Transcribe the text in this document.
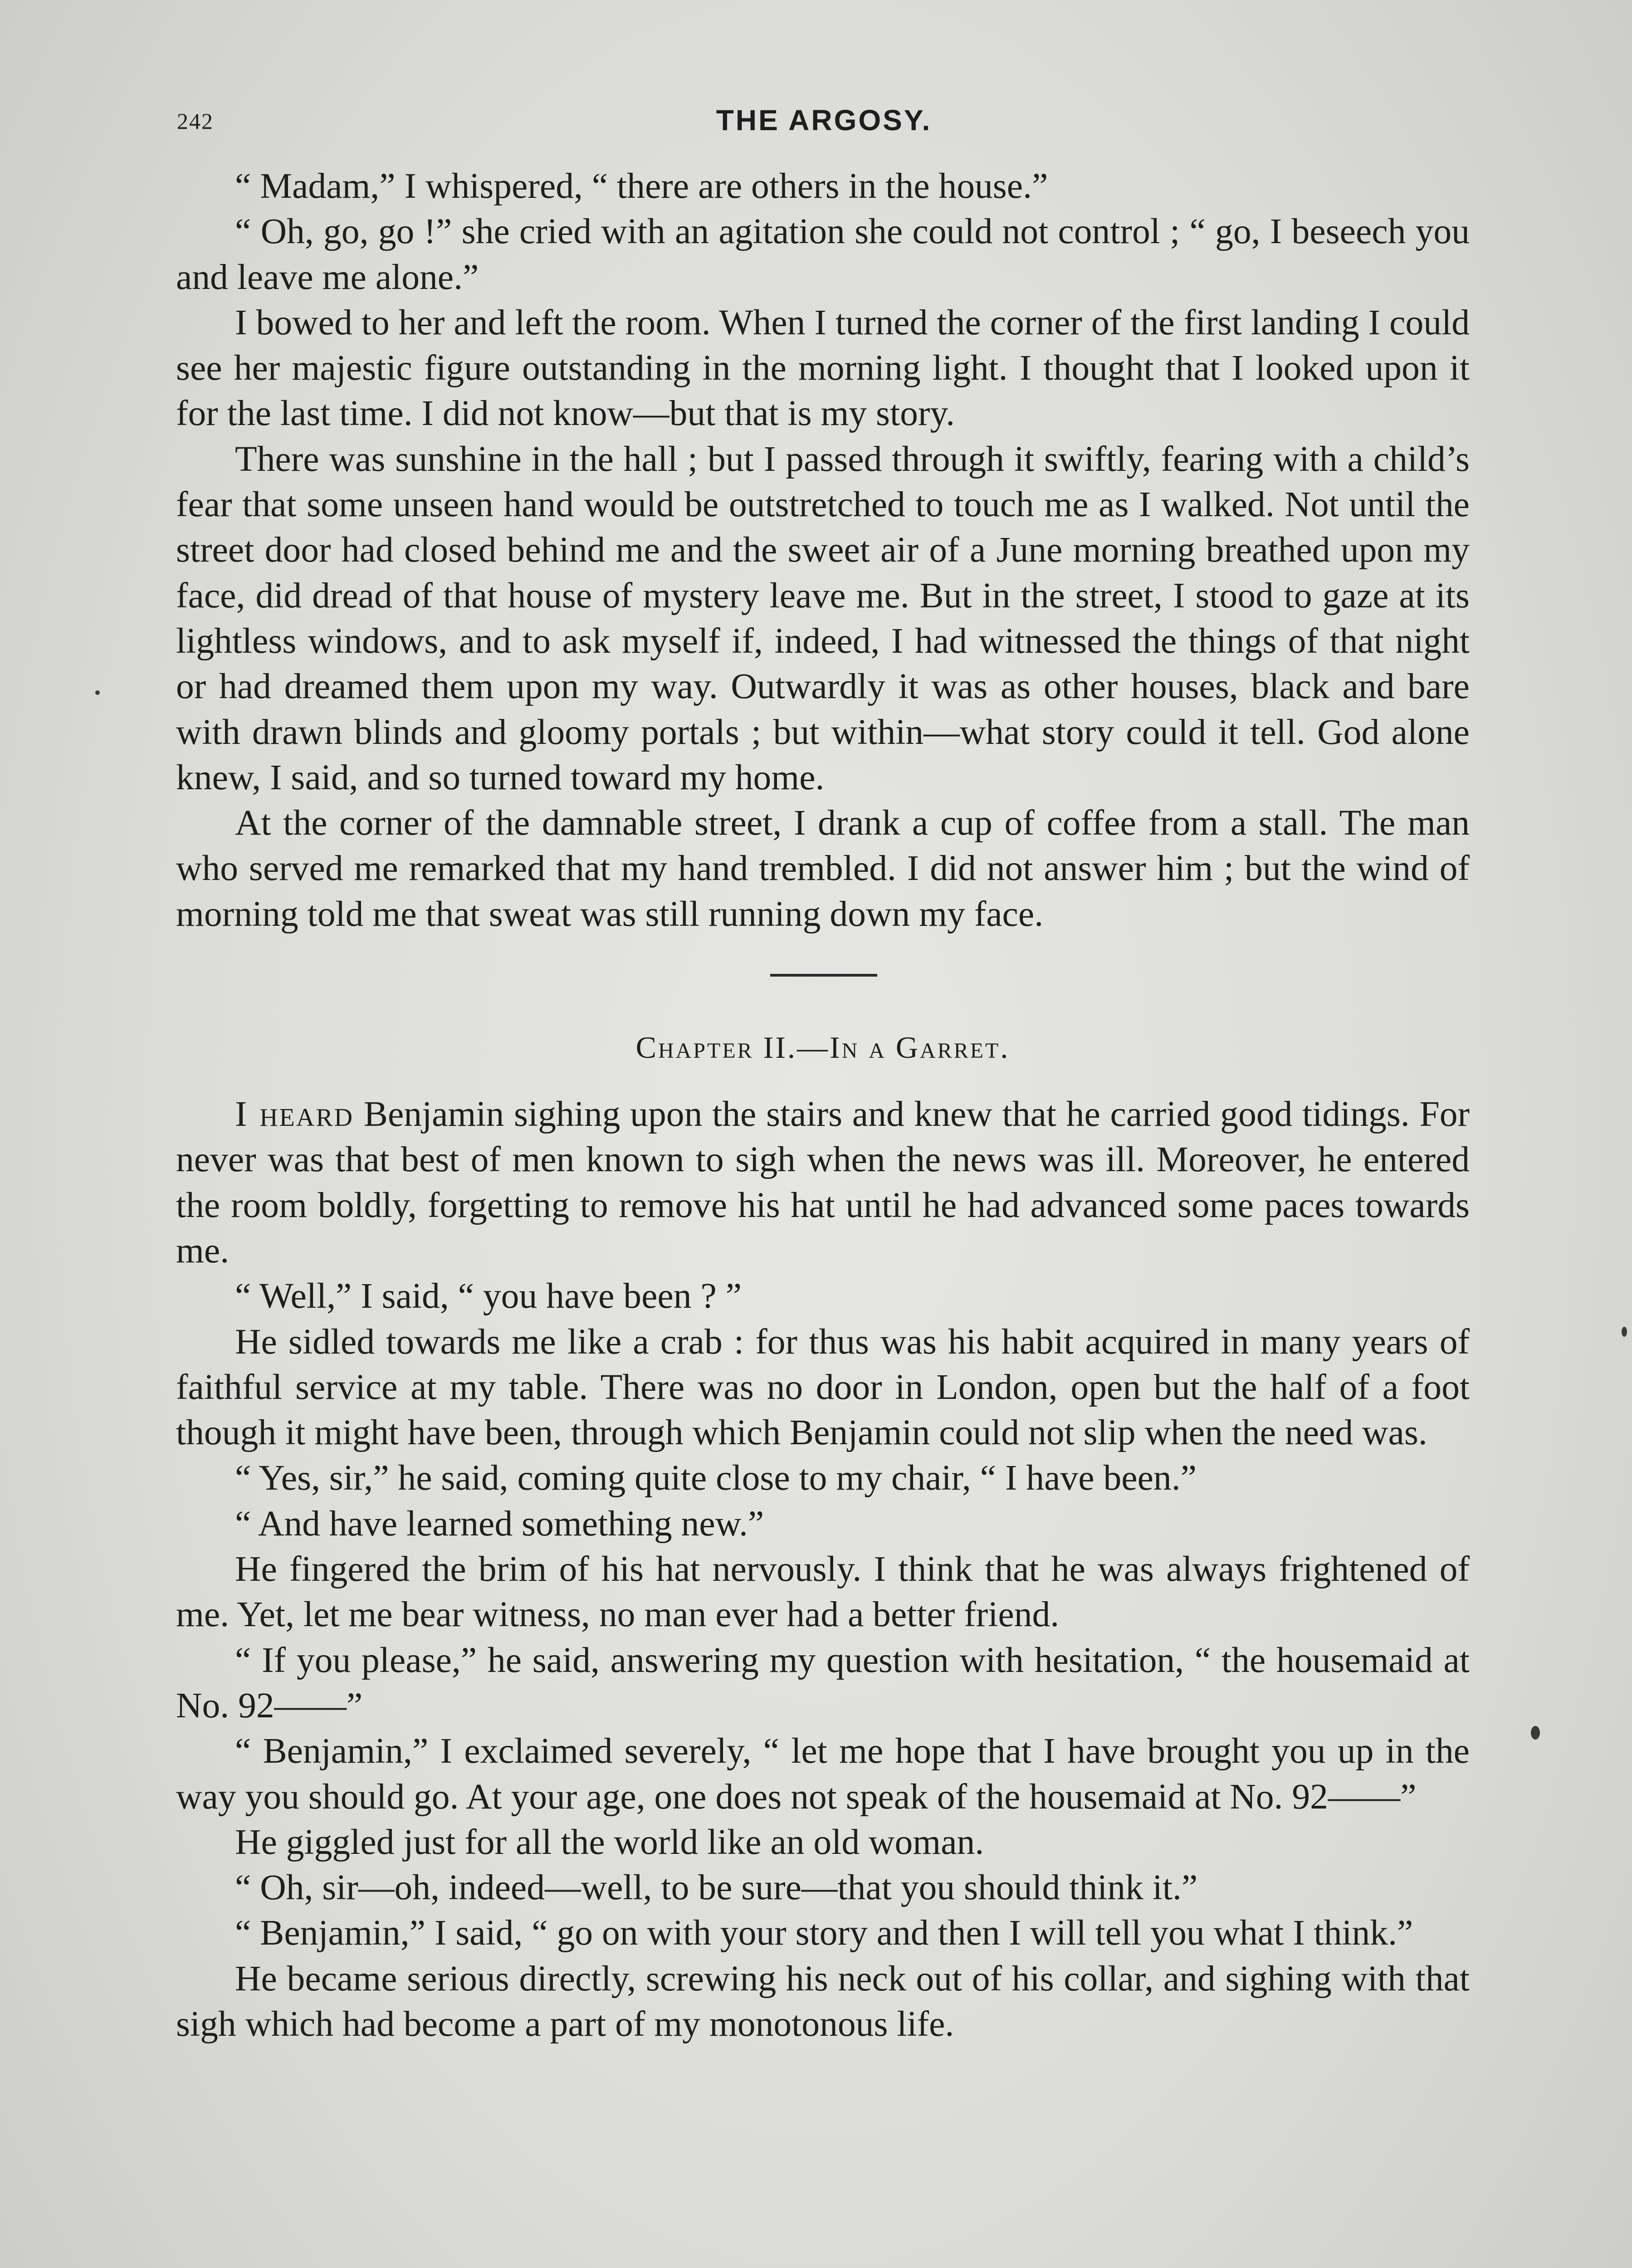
242	THE ARGOSY.

“ Madam,” I whispered, “ there are others in the house.”

“ Oh, go, go !” she cried with an agitation she could not control ; “ go, I beseech you and leave me alone.”

I bowed to her and left the room. When I turned the corner of the first landing I could see her majestic figure outstanding in the morning light. I thought that I looked upon it for the last time. I did not know—but that is my story.

There was sunshine in the hall ; but I passed through it swiftly, fearing with a child’s fear that some unseen hand would be outstretched to touch me as I walked. Not until the street door had closed behind me and the sweet air of a June morning breathed upon my face, did dread of that house of mystery leave me. But in the street, I stood to gaze at its lightless windows, and to ask myself if, indeed, I had witnessed the things of that night or had dreamed them upon my way. Outwardly it was as other houses, black and bare with drawn blinds and gloomy portals ; but within—what story could it tell. God alone knew, I said, and so turned toward my home.

At the corner of the damnable street, I drank a cup of coffee from a stall. The man who served me remarked that my hand trembled. I did not answer him ; but the wind of morning told me that sweat was still running down my face.

Chapter II.—In a Garret.

I heard Benjamin sighing upon the stairs and knew that he carried good tidings. For never was that best of men known to sigh when the news was ill. Moreover, he entered the room boldly, forgetting to remove his hat until he had advanced some paces towards me.

“ Well,” I said, “ you have been ? ”

He sidled towards me like a crab : for thus was his habit acquired in many years of faithful service at my table. There was no door in London, open but the half of a foot though it might have been, through which Benjamin could not slip when the need was.

“ Yes, sir,” he said, coming quite close to my chair, “ I have been.”

“ And have learned something new.”

He fingered the brim of his hat nervously. I think that he was always frightened of me. Yet, let me bear witness, no man ever had a better friend.

“ If you please,” he said, answering my question with hesitation, “ the housemaid at No. 92——”

“ Benjamin,” I exclaimed severely, “ let me hope that I have brought you up in the way you should go. At your age, one does not speak of the housemaid at No. 92——”

He giggled just for all the world like an old woman.

“ Oh, sir—oh, indeed—well, to be sure—that you should think it.”

“ Benjamin,” I said, “ go on with your story and then I will tell you what I think.”

He became serious directly, screwing his neck out of his collar, and sighing with that sigh which had become a part of my monotonous life.
